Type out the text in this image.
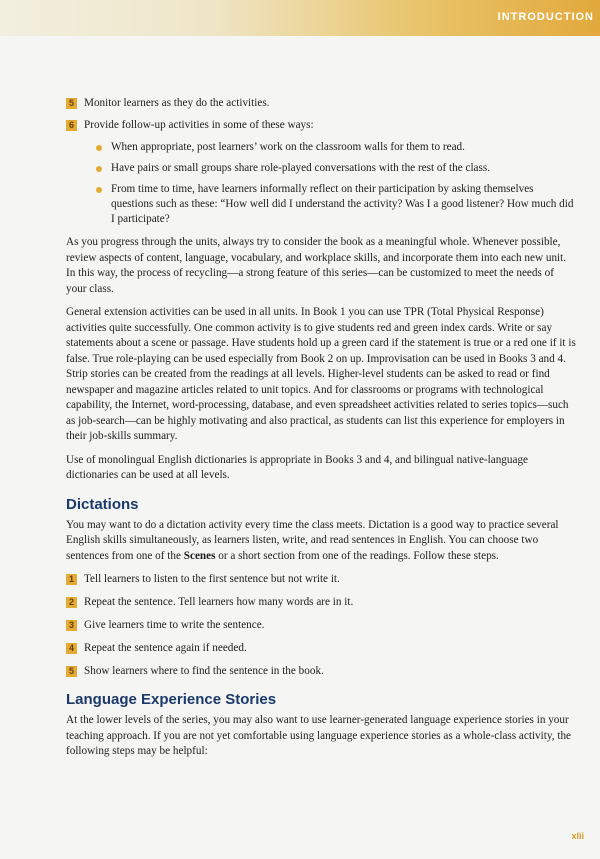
INTRODUCTION
5 Monitor learners as they do the activities.
6 Provide follow-up activities in some of these ways:
When appropriate, post learners’ work on the classroom walls for them to read.
Have pairs or small groups share role-played conversations with the rest of the class.
From time to time, have learners informally reflect on their participation by asking themselves questions such as these: “How well did I understand the activity? Was I a good listener? How much did I participate?

As you progress through the units, always try to consider the book as a meaningful whole. Whenever possible, review aspects of content, language, vocabulary, and workplace skills, and incorporate them into each new unit. In this way, the process of recycling—a strong feature of this series—can be customized to meet the needs of your class.

General extension activities can be used in all units. In Book 1 you can use TPR (Total Physical Response) activities quite successfully. One common activity is to give students red and green index cards. Write or say statements about a scene or passage. Have students hold up a green card if the statement is true or a red one if it is false. True role-playing can be used especially from Book 2 on up. Improvisation can be used in Books 3 and 4. Strip stories can be created from the readings at all levels. Higher-level students can be asked to read or find newspaper and magazine articles related to unit topics. And for classrooms or programs with technological capability, the Internet, word-processing, database, and even spreadsheet activities related to series topics—such as job-search—can be highly motivating and also practical, as students can list this experience for employers in their job-skills summary.

Use of monolingual English dictionaries is appropriate in Books 3 and 4, and bilingual native-language dictionaries can be used at all levels.

Dictations

You may want to do a dictation activity every time the class meets. Dictation is a good way to practice several English skills simultaneously, as learners listen, write, and read sentences in English. You can choose two sentences from one of the Scenes or a short section from one of the readings. Follow these steps.

1 Tell learners to listen to the first sentence but not write it.
2 Repeat the sentence. Tell learners how many words are in it.
3 Give learners time to write the sentence.
4 Repeat the sentence again if needed.
5 Show learners where to find the sentence in the book.
Language Experience Stories

At the lower levels of the series, you may also want to use learner-generated language experience stories in your teaching approach. If you are not yet comfortable using language experience stories as a whole-class activity, the following steps may be helpful:

xlii
